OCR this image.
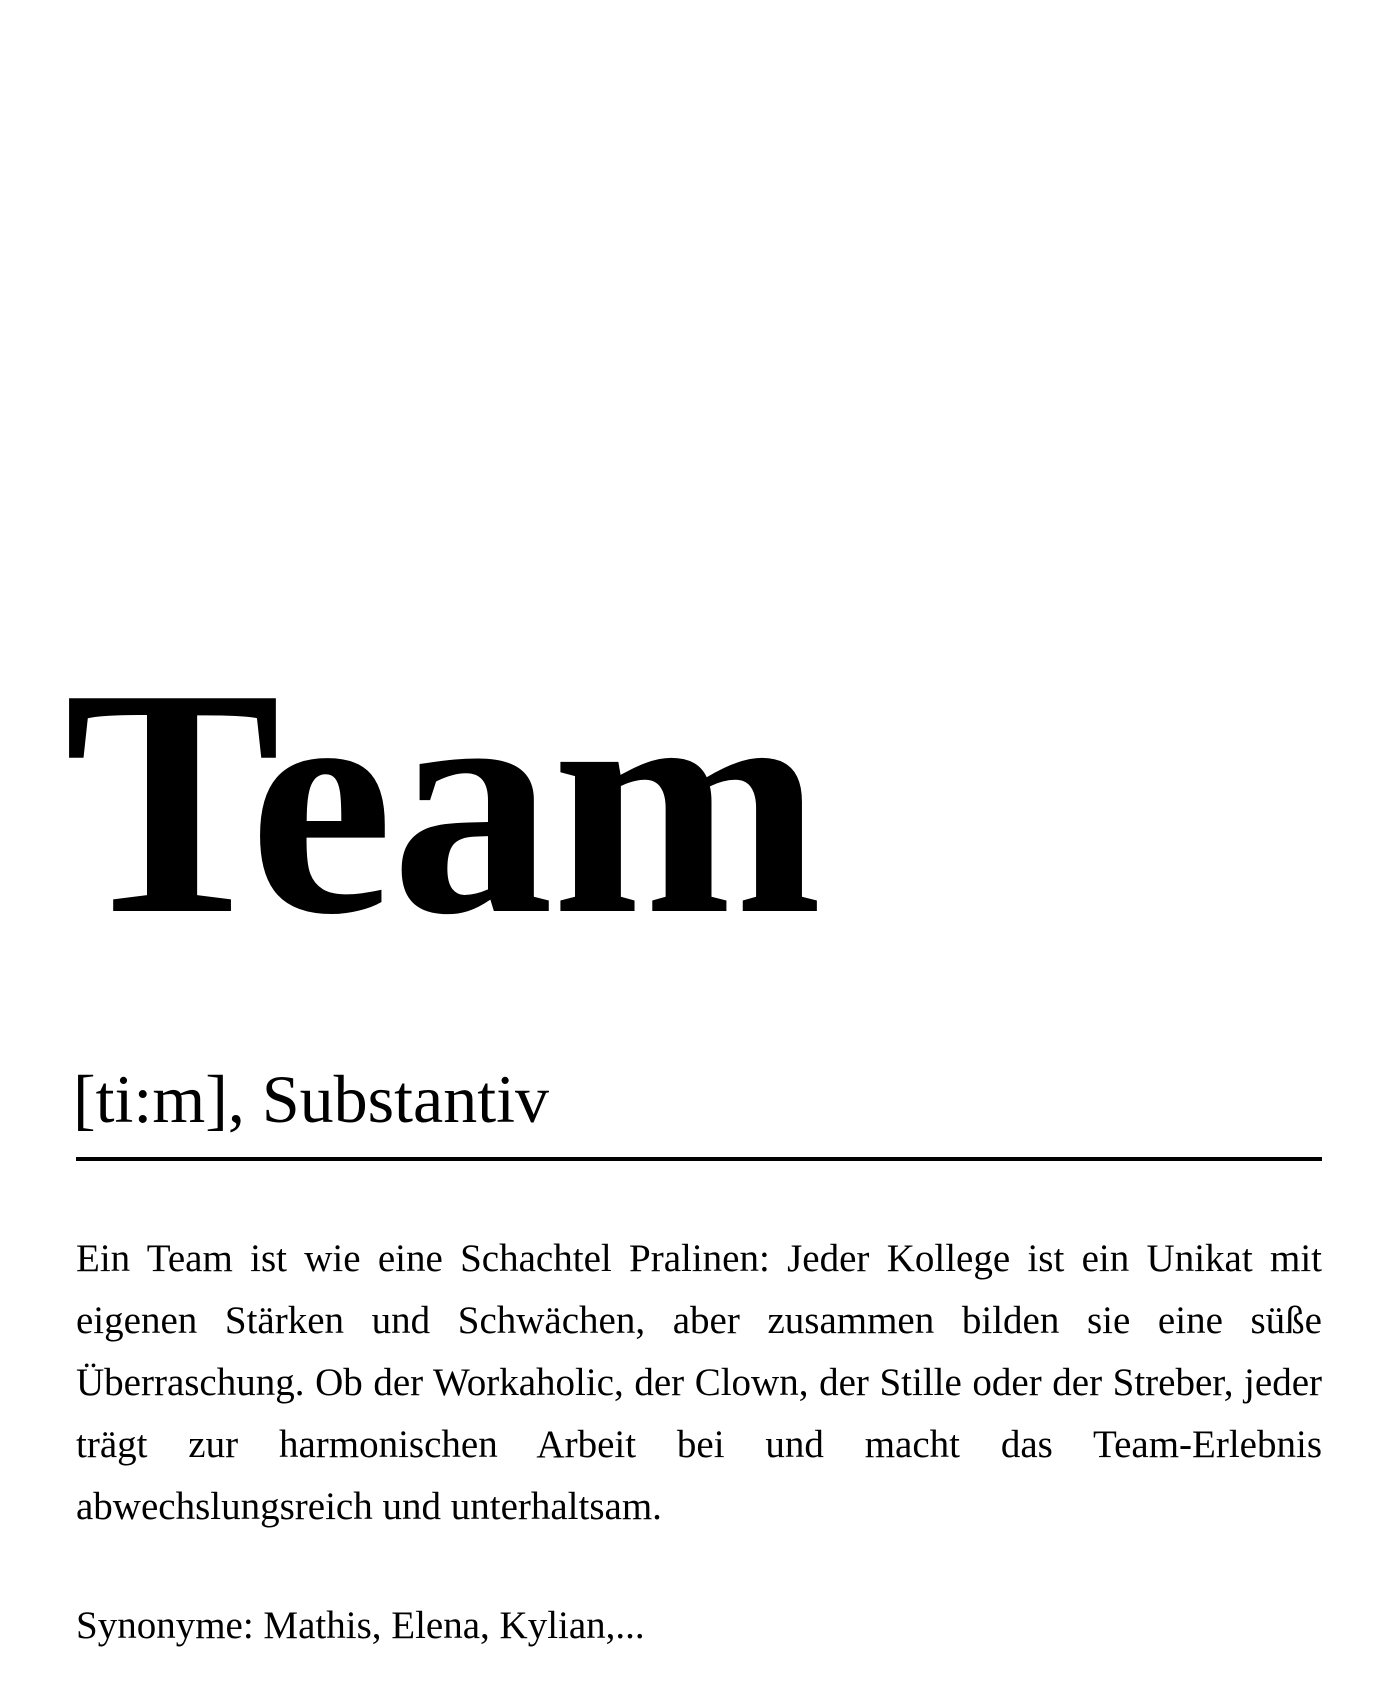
Team

[ti:m], Substantiv

Ein Team ist wie eine Schachtel Pralinen: Jeder Kollege ist ein Unikat mit eigenen Stärken und Schwächen, aber zusammen bilden sie eine süße Überraschung. Ob der Workaholic, der Clown, der Stille oder der Streber, jeder trägt zur harmonischen Arbeit bei und macht das Team-Erlebnis abwechslungsreich und unterhaltsam.

Synonyme: Mathis, Elena, Kylian,...
